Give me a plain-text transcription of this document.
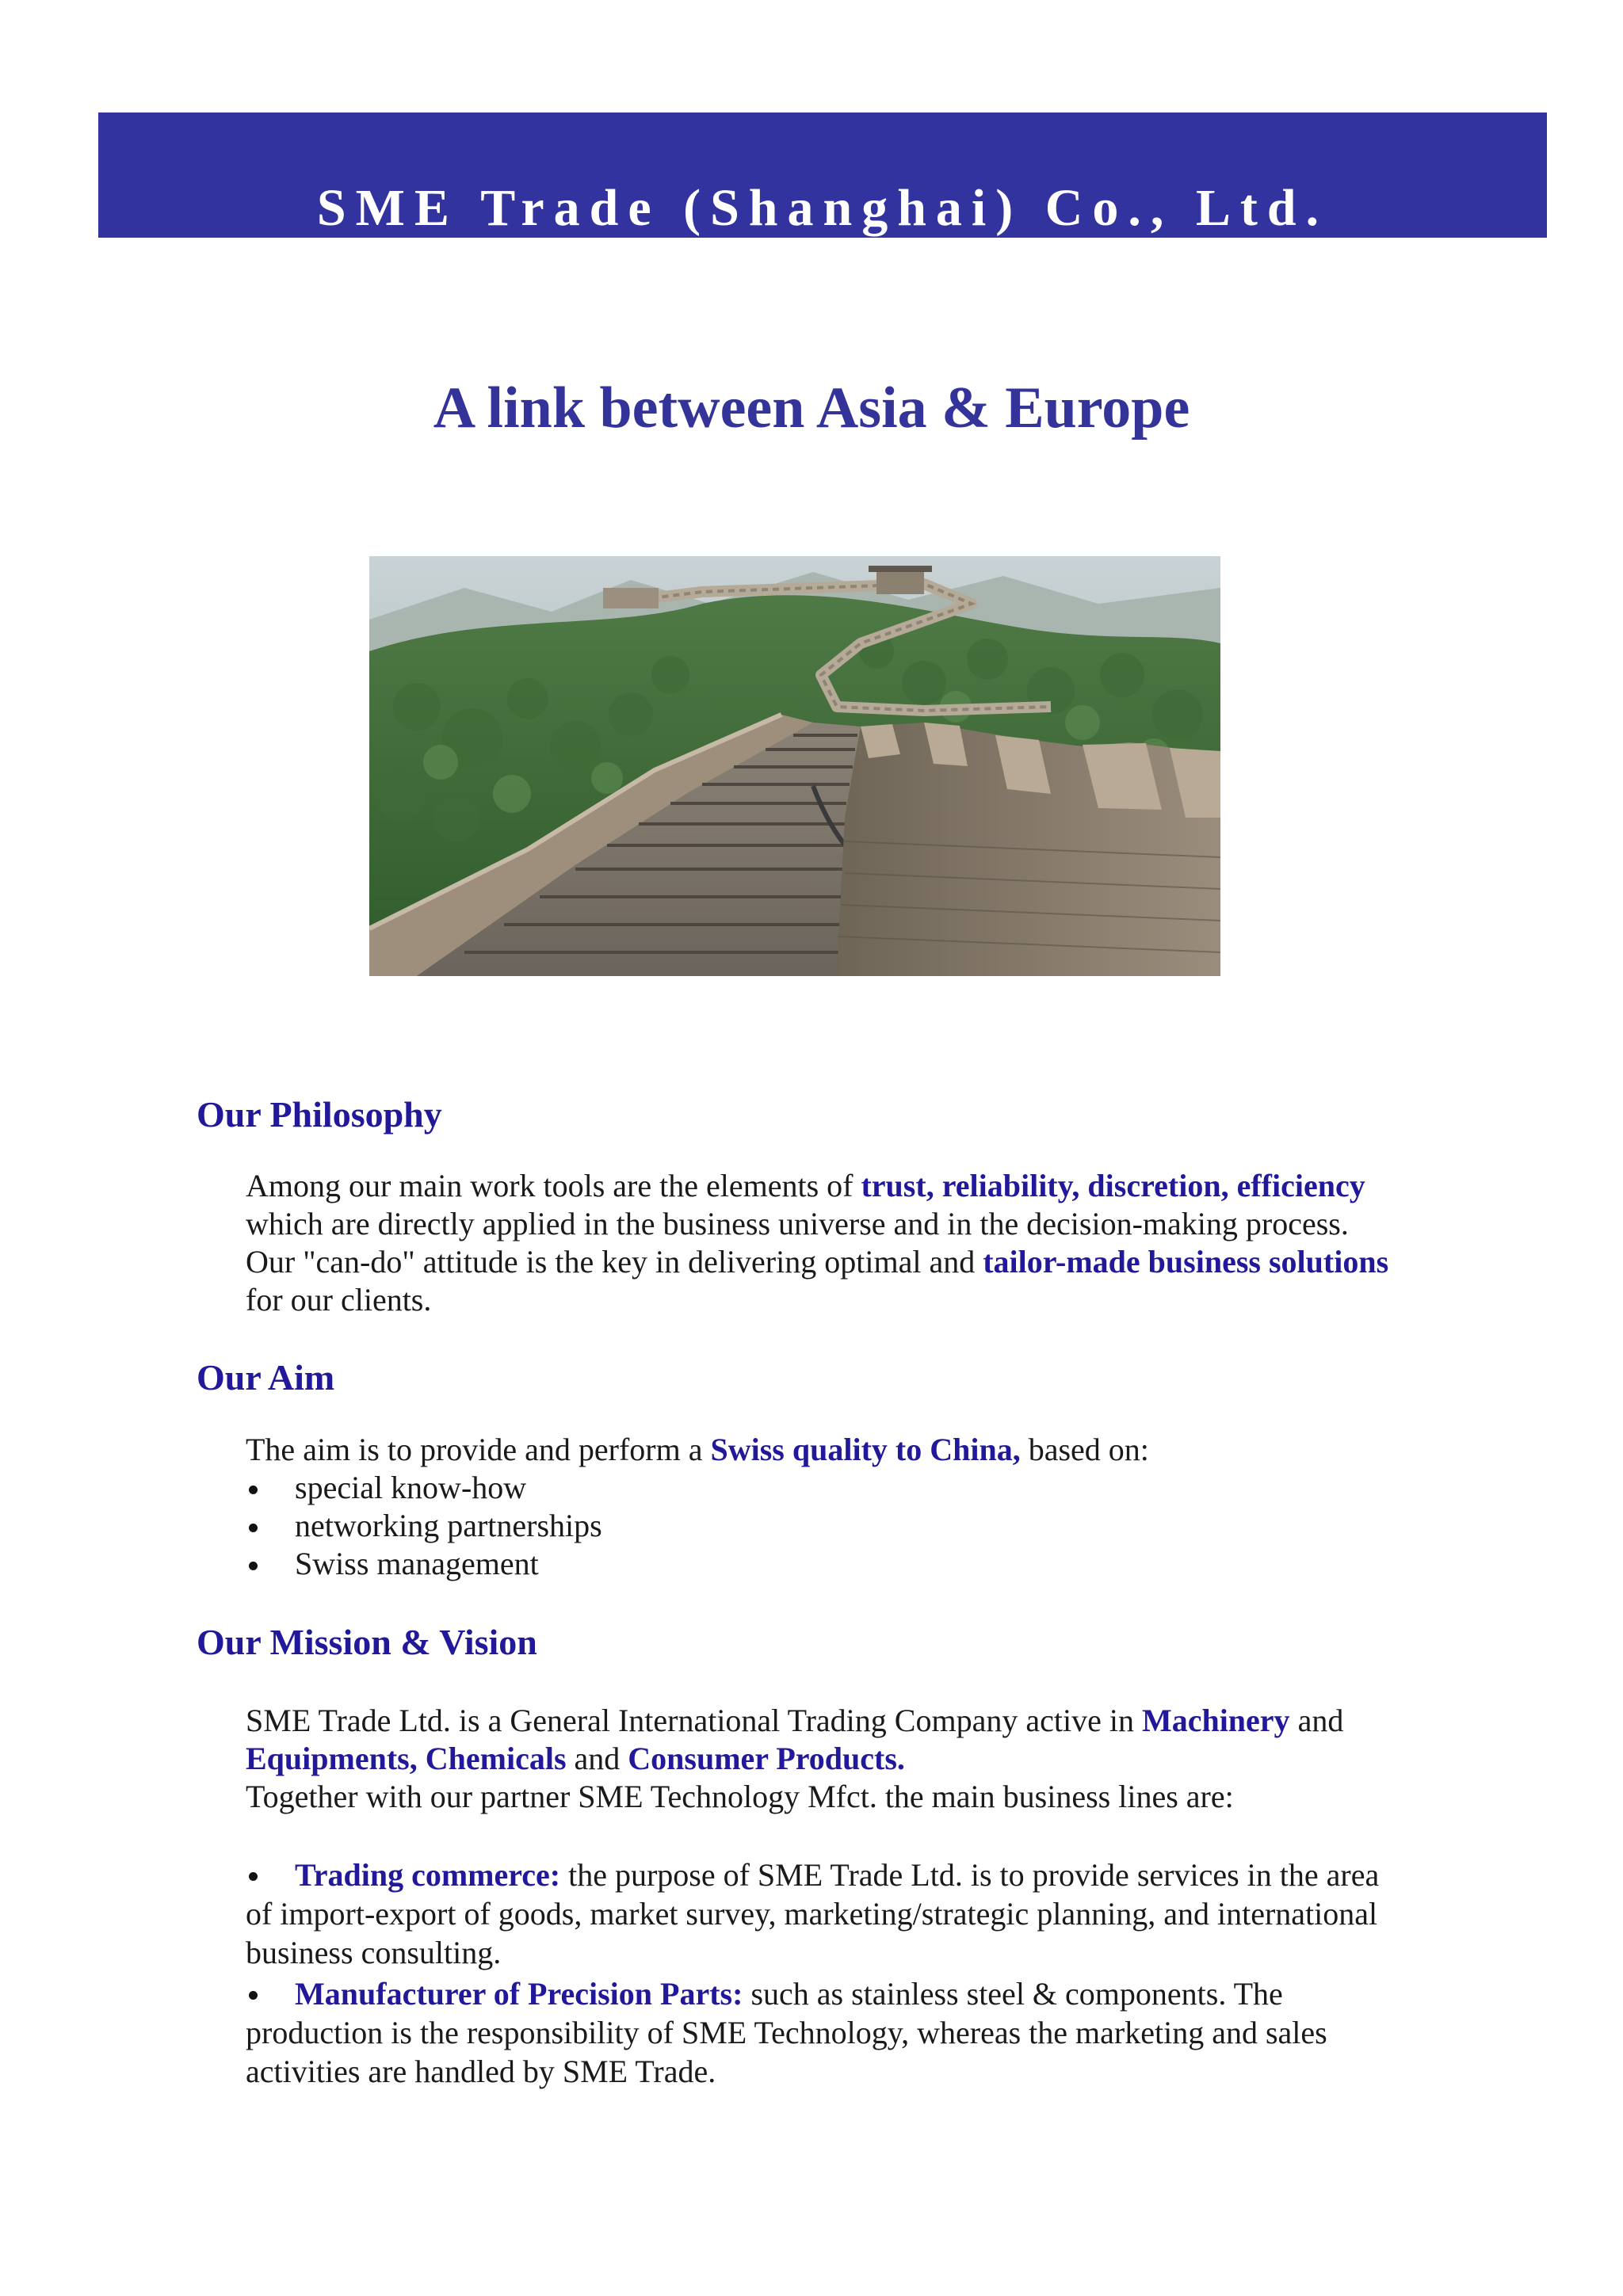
SME Trade (Shanghai) Co., Ltd.
A link between Asia & Europe
Our Philosophy

Among our main work tools are the elements of trust, reliability, discretion, efficiency
which are directly applied in the business universe and in the decision-making process.
Our "can-do" attitude is the key in delivering optimal and tailor-made business solutions
for our clients.

Our Aim

The aim is to provide and perform a Swiss quality to China, based on:

special know-how
networking partnerships
Swiss management
Our Mission & Vision

SME Trade Ltd. is a General International Trading Company active in Machinery and
Equipments, Chemicals and Consumer Products.
Together with our partner SME Technology Mfct. the main business lines are:

Trading commerce: the purpose of SME Trade Ltd. is to provide services in the area
of import-export of goods, market survey, marketing/strategic planning, and international
business consulting.
Manufacturer of Precision Parts: such as stainless steel & components. The
production is the responsibility of SME Technology, whereas the marketing and sales
activities are handled by SME Trade.
